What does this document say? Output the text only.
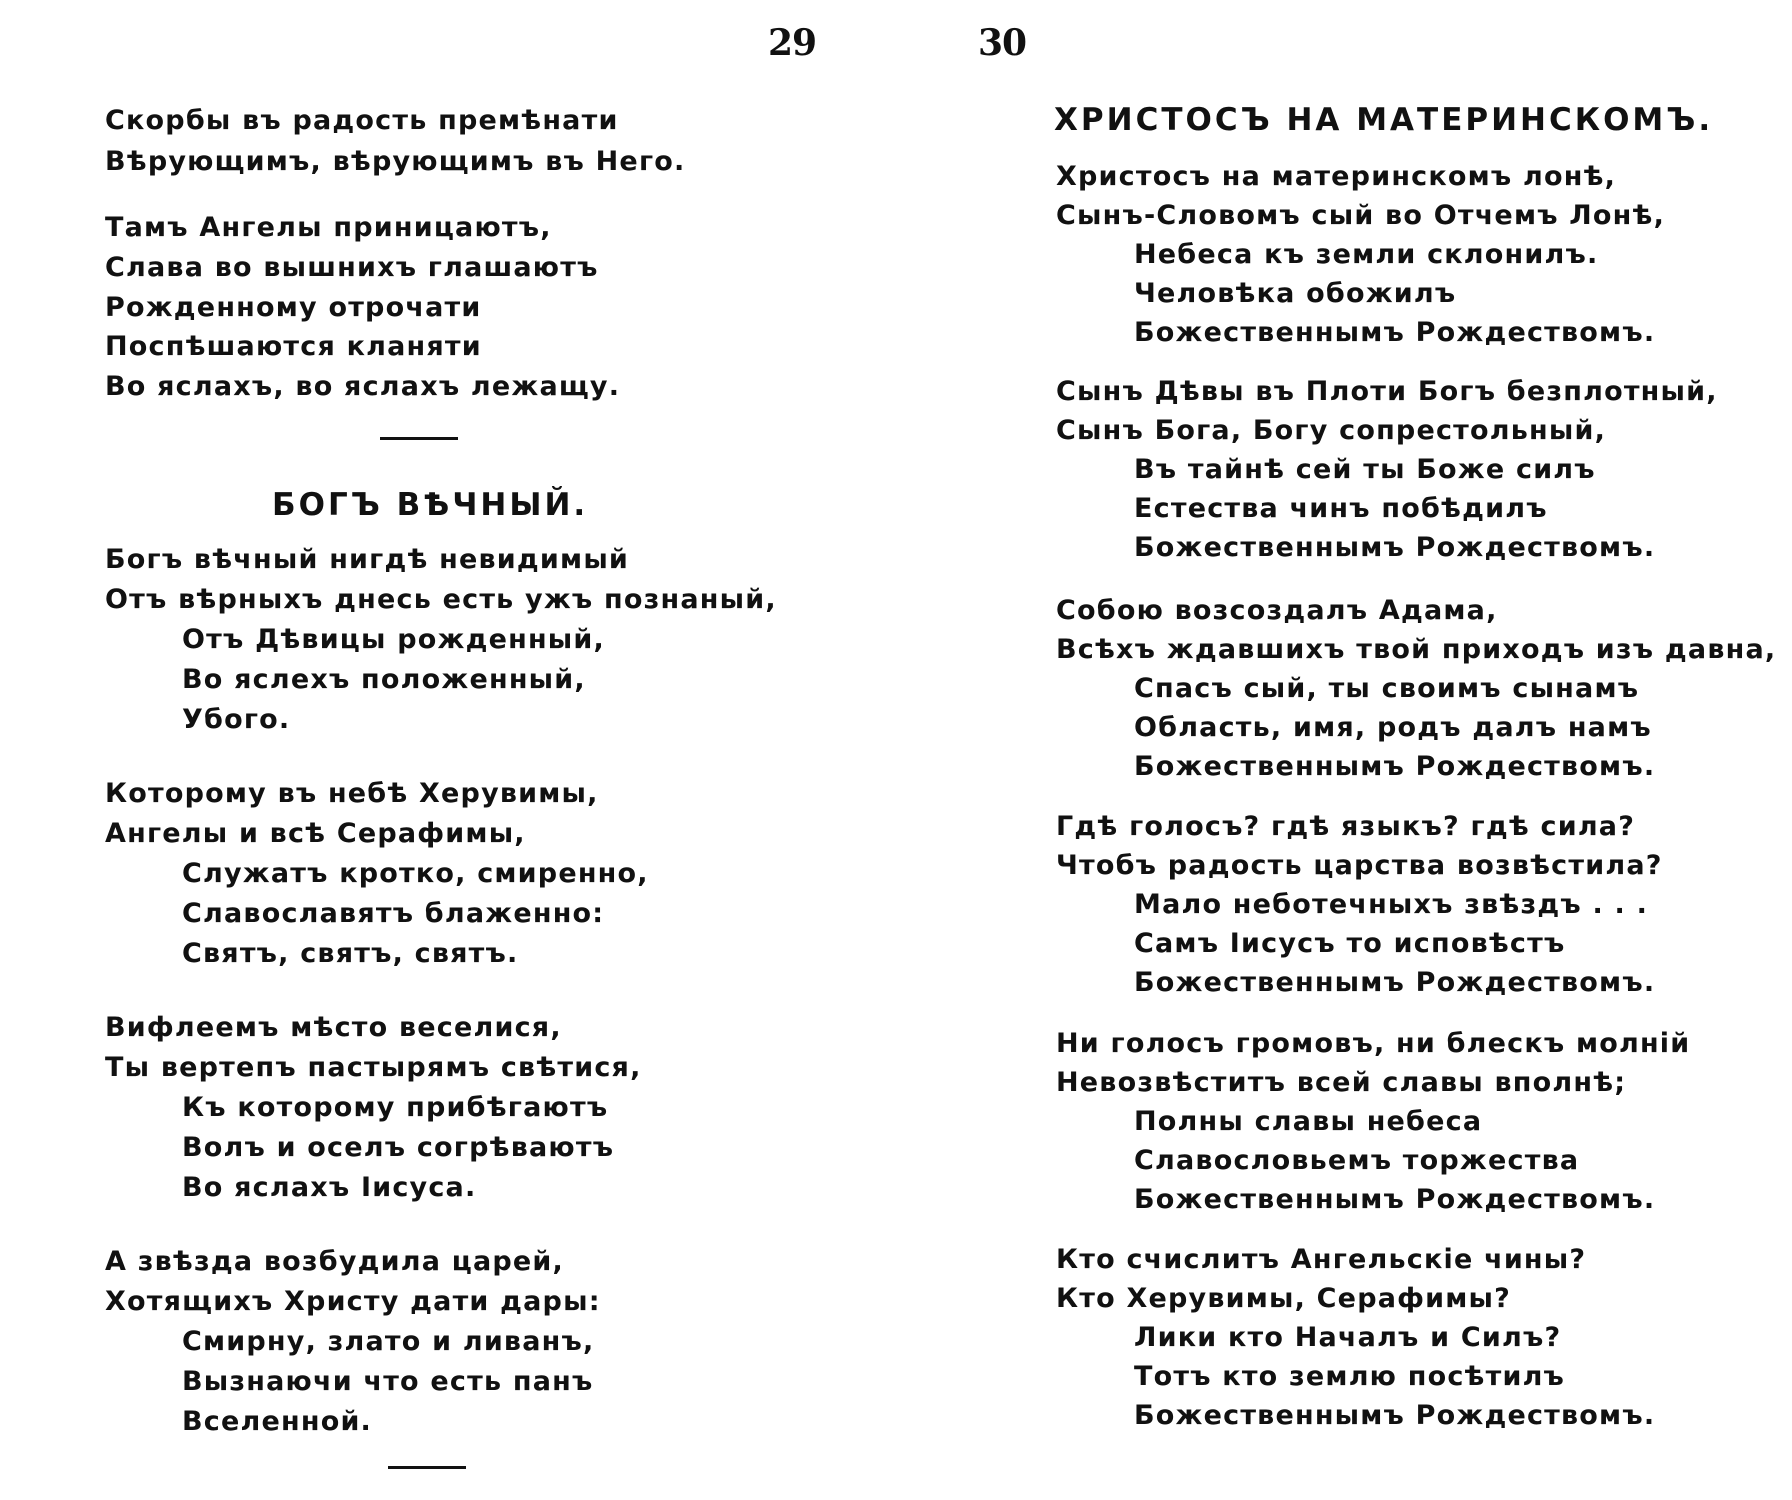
29	30
Скорбы въ радость премѣнати
Вѣрующимъ, вѣрующимъ въ Него.
Тамъ Ангелы приницаютъ,
Слава во вышнихъ глашаютъ
Рожденному отрочати
Поспѣшаются кланяти
Во яслахъ, во яслахъ лежащу.
БОГЪ ВѢЧНЫЙ.
Богъ вѣчный нигдѣ невидимый
Отъ вѣрныхъ днесь есть ужъ познаный,
Отъ Дѣвицы рожденный,
Во яслехъ положенный,
Убого.
Которому въ небѣ Херувимы,
Ангелы и всѣ Серафимы,
Служатъ кротко, смиренно,
Славославятъ блаженно:
Святъ, святъ, святъ.
Вифлеемъ мѣсто веселися,
Ты вертепъ пастырямъ свѣтися,
Къ которому прибѣгаютъ
Волъ и оселъ согрѣваютъ
Во яслахъ Iисуса.
А звѣзда возбудила царей,
Хотящихъ Христу дати дары:
Смирну, злато и ливанъ,
Вызнаючи что есть панъ
Вселенной.
ХРИСТОСЪ НА МАТЕРИНСКОМЪ.
Христосъ на материнскомъ лонѣ,
Сынъ-Словомъ сый во Отчемъ Лонѣ,
Небеса къ земли склонилъ.
Человѣка обожилъ
Божественнымъ Рождествомъ.
Сынъ Дѣвы въ Плоти Богъ безплотный,
Сынъ Бога, Богу сопрестольный,
Въ тайнѣ сей ты Боже силъ
Естества чинъ побѣдилъ
Божественнымъ Рождествомъ.
Собою возсоздалъ Адама,
Всѣхъ ждавшихъ твой приходъ изъ давна,
Спасъ сый, ты своимъ сынамъ
Область, имя, родъ далъ намъ
Божественнымъ Рождествомъ.
Гдѣ голосъ? гдѣ языкъ? гдѣ сила?
Чтобъ радость царства возвѣстила?
Мало неботечныхъ звѣздъ . . .
Самъ Iисусъ то исповѣстъ
Божественнымъ Рождествомъ.
Ни голосъ громовъ, ни блескъ молнiй
Невозвѣститъ всей славы вполнѣ;
Полны славы небеса
Славословьемъ торжества
Божественнымъ Рождествомъ.
Кто счислитъ Ангельскiе чины?
Кто Херувимы, Серафимы?
Лики кто Началъ и Силъ?
Тотъ кто землю посѣтилъ
Божественнымъ Рождествомъ.
